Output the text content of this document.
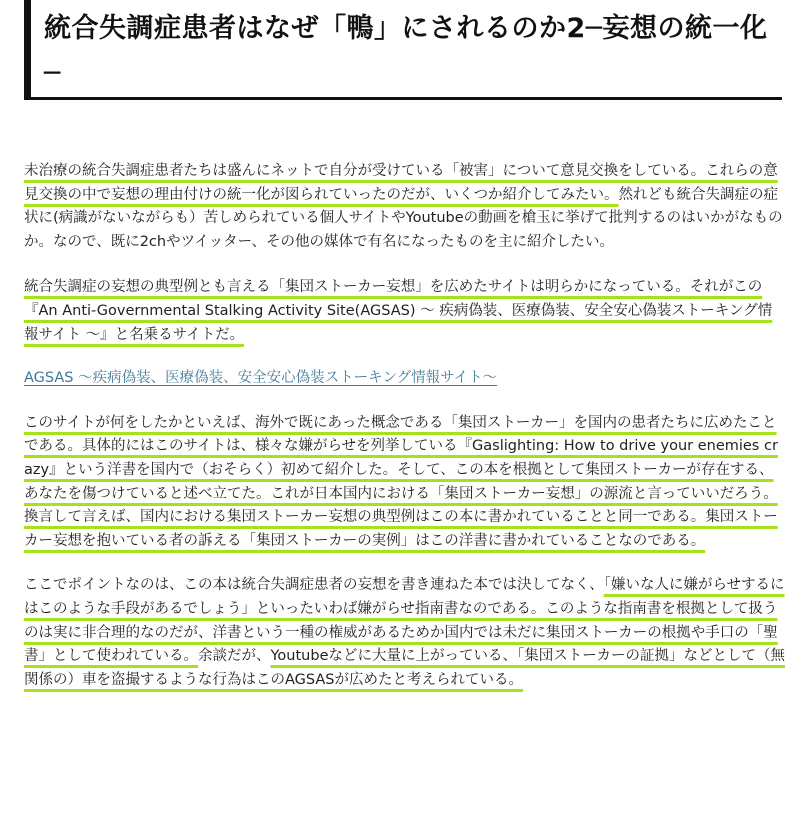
統合失調症患者はなぜ「鴨」にされるのか2─妄想の統一化─

未治療の統合失調症患者たちは盛んにネットで自分が受けている「被害」について意見交換をしている。これらの意見交換の中で妄想の理由付けの統一化が図られていったのだが、いくつか紹介してみたい。然れども統合失調症の症状に(病識がないながらも）苦しめられている個人サイトやYoutubeの動画を槍玉に挙げて批判するのはいかがなものか。なので、既に2chやツイッター、その他の媒体で有名になったものを主に紹介したい。

統合失調症の妄想の典型例とも言える「集団ストーカー妄想」を広めたサイトは明らかになっている。それがこの『An Anti-Governmental Stalking Activity Site(AGSAS) ～ 疾病偽装、医療偽装、安全安心偽装ストーキング情報サイト ～』と名乗るサイトだ。

AGSAS ～疾病偽装、医療偽装、安全安心偽装ストーキング情報サイト～

このサイトが何をしたかといえば、海外で既にあった概念である「集団ストーカー」を国内の患者たちに広めたことである。具体的にはこのサイトは、様々な嫌がらせを列挙している『Gaslighting: How to drive your enemies crazy』という洋書を国内で（おそらく）初めて紹介した。そして、この本を根拠として集団ストーカーが存在する、あなたを傷つけていると述べ立てた。これが日本国内における「集団ストーカー妄想」の源流と言っていいだろう。換言して言えば、国内における集団ストーカー妄想の典型例はこの本に書かれていることと同一である。集団ストーカー妄想を抱いている者の訴える「集団ストーカーの実例」はこの洋書に書かれていることなのである。

ここでポイントなのは、この本は統合失調症患者の妄想を書き連ねた本では決してなく、「嫌いな人に嫌がらせするにはこのような手段があるでしょう」といったいわば嫌がらせ指南書なのである。このような指南書を根拠として扱うのは実に非合理的なのだが、洋書という一種の権威があるためか国内では未だに集団ストーカーの根拠や手口の「聖書」として使われている。余談だが、Youtubeなどに大量に上がっている、「集団ストーカーの証拠」などとして（無関係の）車を盗撮するような行為はこのAGSASが広めたと考えられている。
